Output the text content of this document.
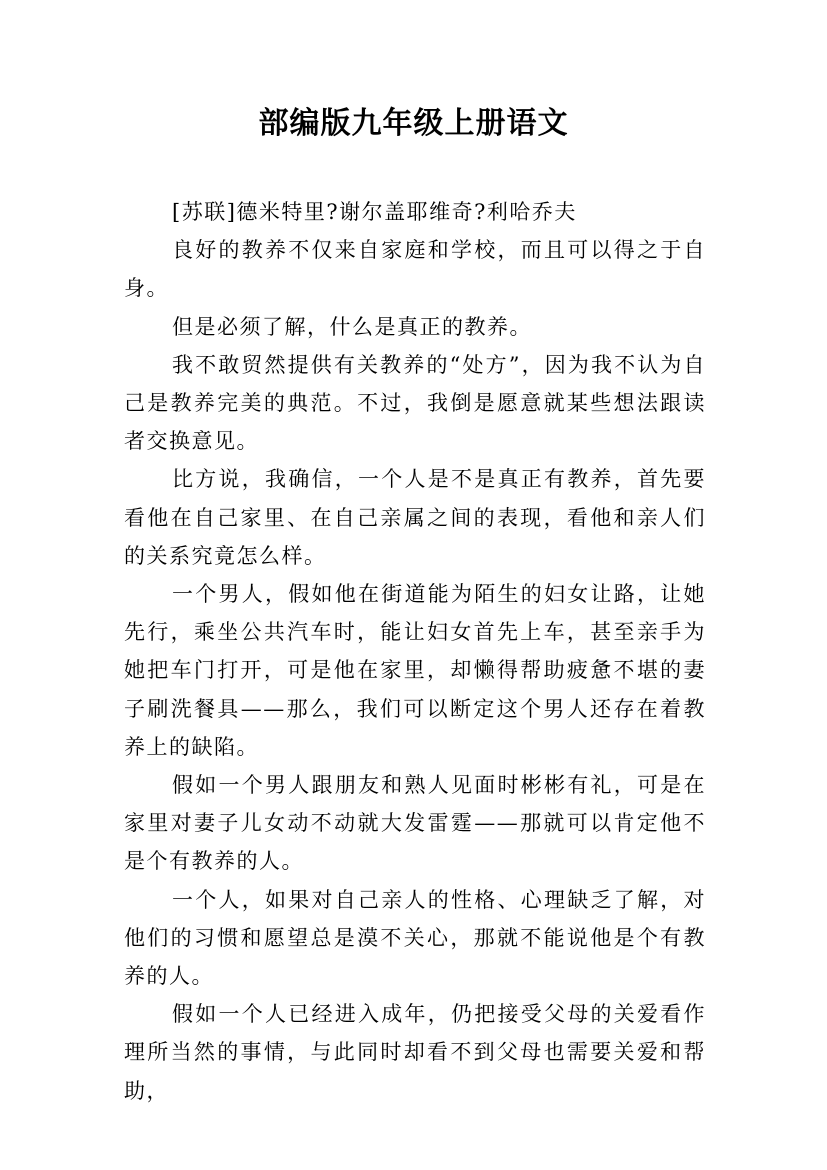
部编版九年级上册语文

[苏联]德米特里?谢尔盖耶维奇?利哈乔夫

良好的教养不仅来自家庭和学校，而且可以得之于自身。

但是必须了解，什么是真正的教养。

我不敢贸然提供有关教养的“处方”，因为我不认为自己是教养完美的典范。不过，我倒是愿意就某些想法跟读者交换意见。

比方说，我确信，一个人是不是真正有教养，首先要看他在自己家里、在自己亲属之间的表现，看他和亲人们的关系究竟怎么样。

一个男人，假如他在街道能为陌生的妇女让路，让她先行，乘坐公共汽车时，能让妇女首先上车，甚至亲手为她把车门打开，可是他在家里，却懒得帮助疲惫不堪的妻子刷洗餐具——那么，我们可以断定这个男人还存在着教养上的缺陷。

假如一个男人跟朋友和熟人见面时彬彬有礼，可是在家里对妻子儿女动不动就大发雷霆——那就可以肯定他不是个有教养的人。

一个人，如果对自己亲人的性格、心理缺乏了解，对他们的习惯和愿望总是漠不关心，那就不能说他是个有教养的人。

假如一个人已经进入成年，仍把接受父母的关爱看作理所当然的事情，与此同时却看不到父母也需要关爱和帮助，
